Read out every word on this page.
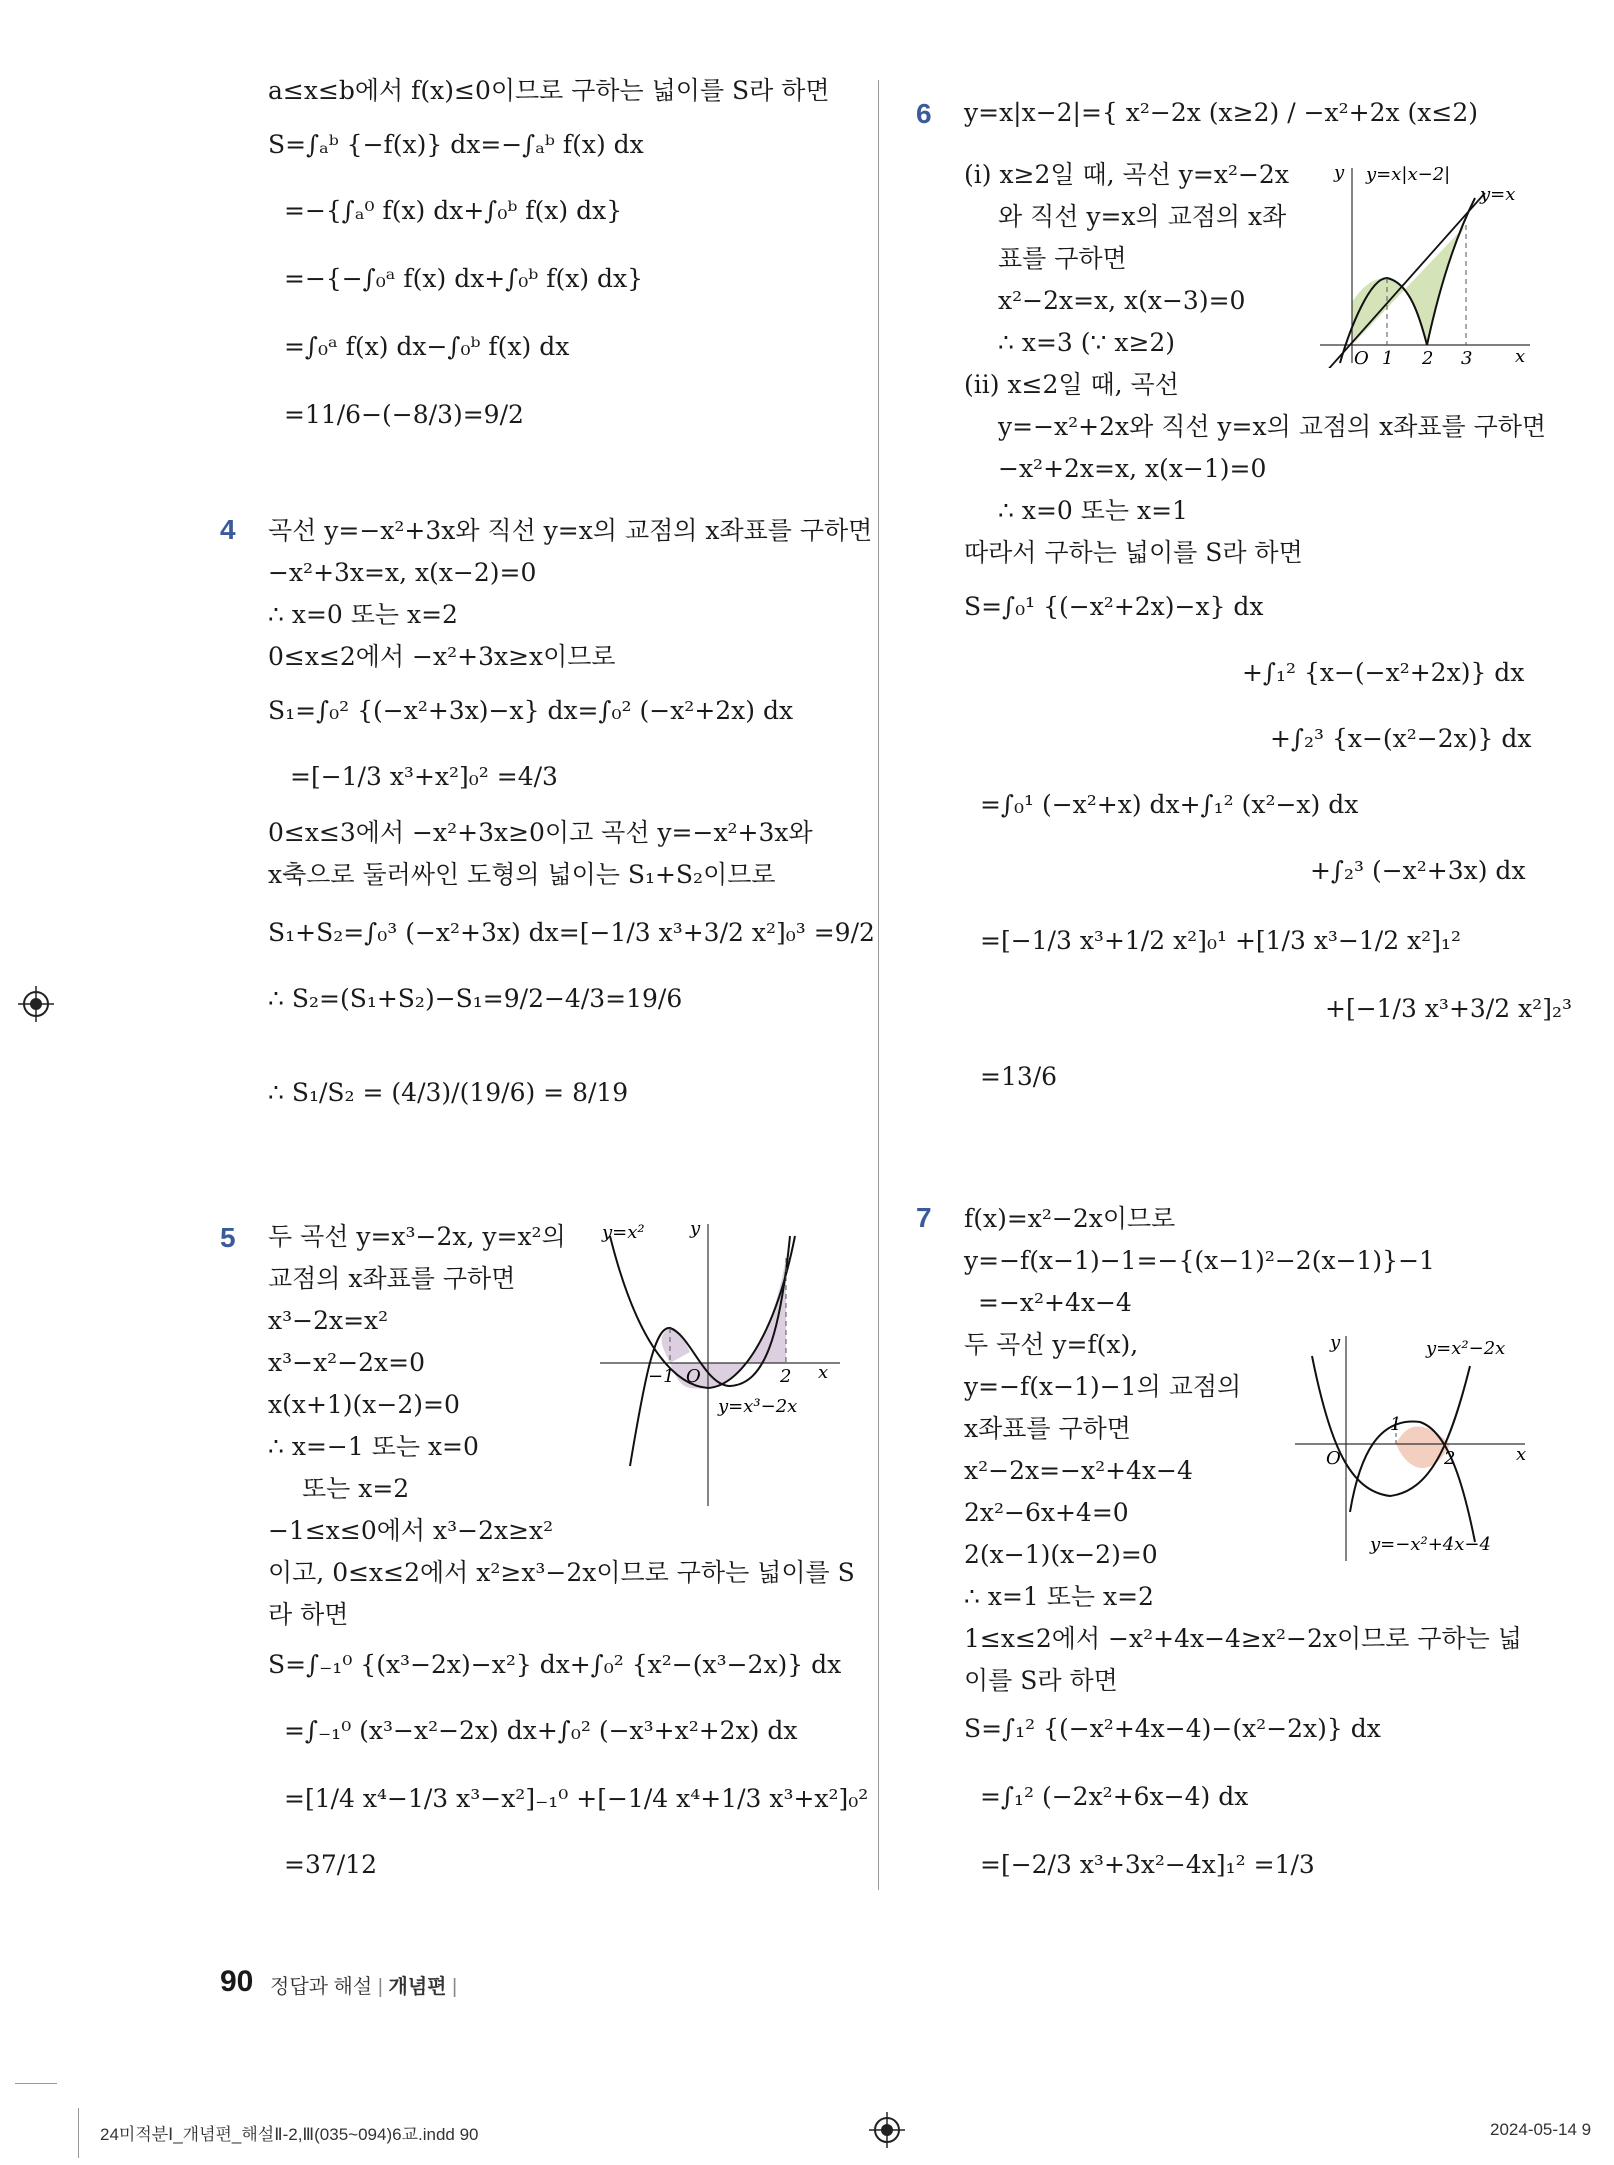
a≤x≤b에서 f(x)≤0이므로 구하는 넓이를 S라 하면
S=∫ₐᵇ {−f(x)} dx=−∫ₐᵇ f(x) dx
=−{∫ₐ⁰ f(x) dx+∫₀ᵇ f(x) dx}
=−{−∫₀ᵃ f(x) dx+∫₀ᵇ f(x) dx}
=∫₀ᵃ f(x) dx−∫₀ᵇ f(x) dx
=11/6−(−8/3)=9/2
4 곡선 y=−x²+3x와 직선 y=x의 교점의 x좌표를 구하면
−x²+3x=x, x(x−2)=0
∴ x=0 또는 x=2
0≤x≤2에서 −x²+3x≥x이므로
S₁=∫₀² {(−x²+3x)−x} dx=∫₀² (−x²+2x) dx
=[−1/3 x³+x²]₀² =4/3
0≤x≤3에서 −x²+3x≥0이고 곡선 y=−x²+3x와
x축으로 둘러싸인 도형의 넓이는 S₁+S₂이므로
S₁+S₂=∫₀³ (−x²+3x) dx=[−1/3 x³+3/2 x²]₀³ =9/2
∴ S₂=(S₁+S₂)−S₁=9/2−4/3=19/6
∴ S₁/S₂ = (4/3)/(19/6) = 8/19
5 두 곡선 y=x³−2x, y=x²의
교점의 x좌표를 구하면
x³−2x=x²
x³−x²−2x=0
x(x+1)(x−2)=0
∴ x=−1 또는 x=0
또는 x=2
−1≤x≤0에서 x³−2x≥x²
이고, 0≤x≤2에서 x²≥x³−2x이므로 구하는 넓이를 S
라 하면
S=∫₋₁⁰ {(x³−2x)−x²} dx+∫₀² {x²−(x³−2x)} dx
=∫₋₁⁰ (x³−x²−2x) dx+∫₀² (−x³+x²+2x) dx
=[1/4 x⁴−1/3 x³−x²]₋₁⁰ +[−1/4 x⁴+1/3 x³+x²]₀²
=37/12
y=x²	y
x
−1 O	2
y=x³−2x
6 y=x|x−2|={ x²−2x (x≥2) / −x²+2x (x≤2)
(ⅰ) x≥2일 때, 곡선 y=x²−2x
와 직선 y=x의 교점의 x좌
표를 구하면
x²−2x=x, x(x−3)=0
∴ x=3 (∵ x≥2)
(ⅱ) x≤2일 때, 곡선
y=−x²+2x와 직선 y=x의 교점의 x좌표를 구하면
−x²+2x=x, x(x−1)=0
∴ x=0 또는 x=1
따라서 구하는 넓이를 S라 하면
S=∫₀¹ {(−x²+2x)−x} dx
+∫₁² {x−(−x²+2x)} dx
+∫₂³ {x−(x²−2x)} dx
=∫₀¹ (−x²+x) dx+∫₁² (x²−x) dx
+∫₂³ (−x²+3x) dx
=[−1/3 x³+1/2 x²]₀¹ +[1/3 x³−1/2 x²]₁²
+[−1/3 x³+3/2 x²]₂³
=13/6
y y=x|x−2|
y=x
x
O 1 2 3
7 f(x)=x²−2x이므로
y=−f(x−1)−1=−{(x−1)²−2(x−1)}−1
=−x²+4x−4
두 곡선 y=f(x),
y=−f(x−1)−1의 교점의
x좌표를 구하면
x²−2x=−x²+4x−4
2x²−6x+4=0
2(x−1)(x−2)=0
∴ x=1 또는 x=2
1≤x≤2에서 −x²+4x−4≥x²−2x이므로 구하는 넓
이를 S라 하면
S=∫₁² {(−x²+4x−4)−(x²−2x)} dx
=∫₁² (−2x²+6x−4) dx
=[−2/3 x³+3x²−4x]₁² =1/3
y	y=x²−2x
x
O
1
2
y=−x²+4x−4
90 정답과 해설 | 개념편 |
24미적분Ⅰ_개념편_해설Ⅱ-2,Ⅲ(035~094)6교.indd 90	2024-05-14 9
